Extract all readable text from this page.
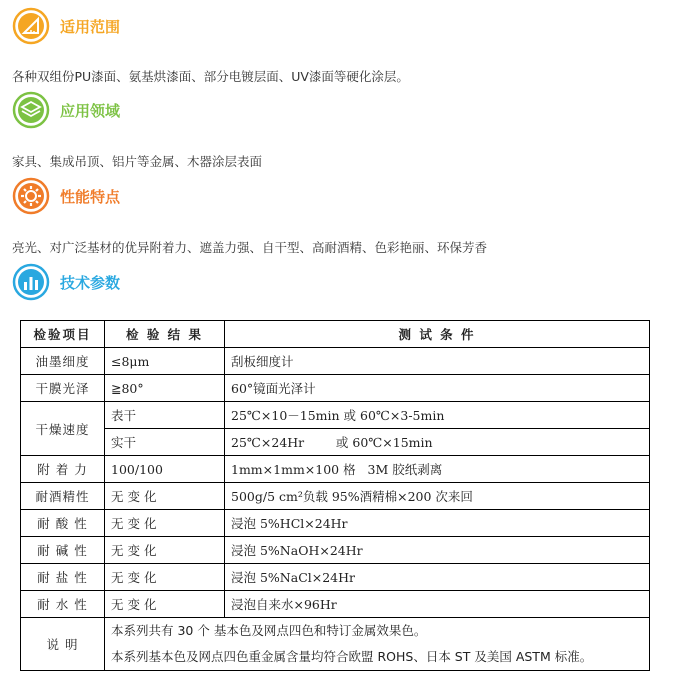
适用范围
各种双组份PU漆面、氨基烘漆面、部分电镀层面、UV漆面等硬化涂层。
应用领域
家具、集成吊顶、铝片等金属、木器涂层表面
性能特点
亮光、对广泛基材的优异附着力、遮盖力强、自干型、高耐酒精、色彩艳丽、环保芳香
技术参数
检验项目	检 验 结 果	测 试 条 件
油墨细度	≤8μm	刮板细度计
干膜光泽	≧80°	60°镜面光泽计
干燥速度	表干	25℃×10－15min 或 60℃×3-5min
	实干	25℃×24Hr        或 60℃×15min
附 着 力	100/100	1mm×1mm×100 格   3M 胶纸剥离
耐酒精性	无 变 化	500g/5 cm²负载 95%酒精棉×200 次来回
耐 酸 性	无 变 化	浸泡 5%HCl×24Hr
耐 碱 性	无 变 化	浸泡 5%NaOH×24Hr
耐 盐 性	无 变 化	浸泡 5%NaCl×24Hr
耐 水 性	无 变 化	浸泡自来水×96Hr
说 明	本系列共有 30 个 基本色及网点四色和特订金属效果色。
本系列基本色及网点四色重金属含量均符合欧盟 ROHS、日本 ST 及美国 ASTM 标准。	
